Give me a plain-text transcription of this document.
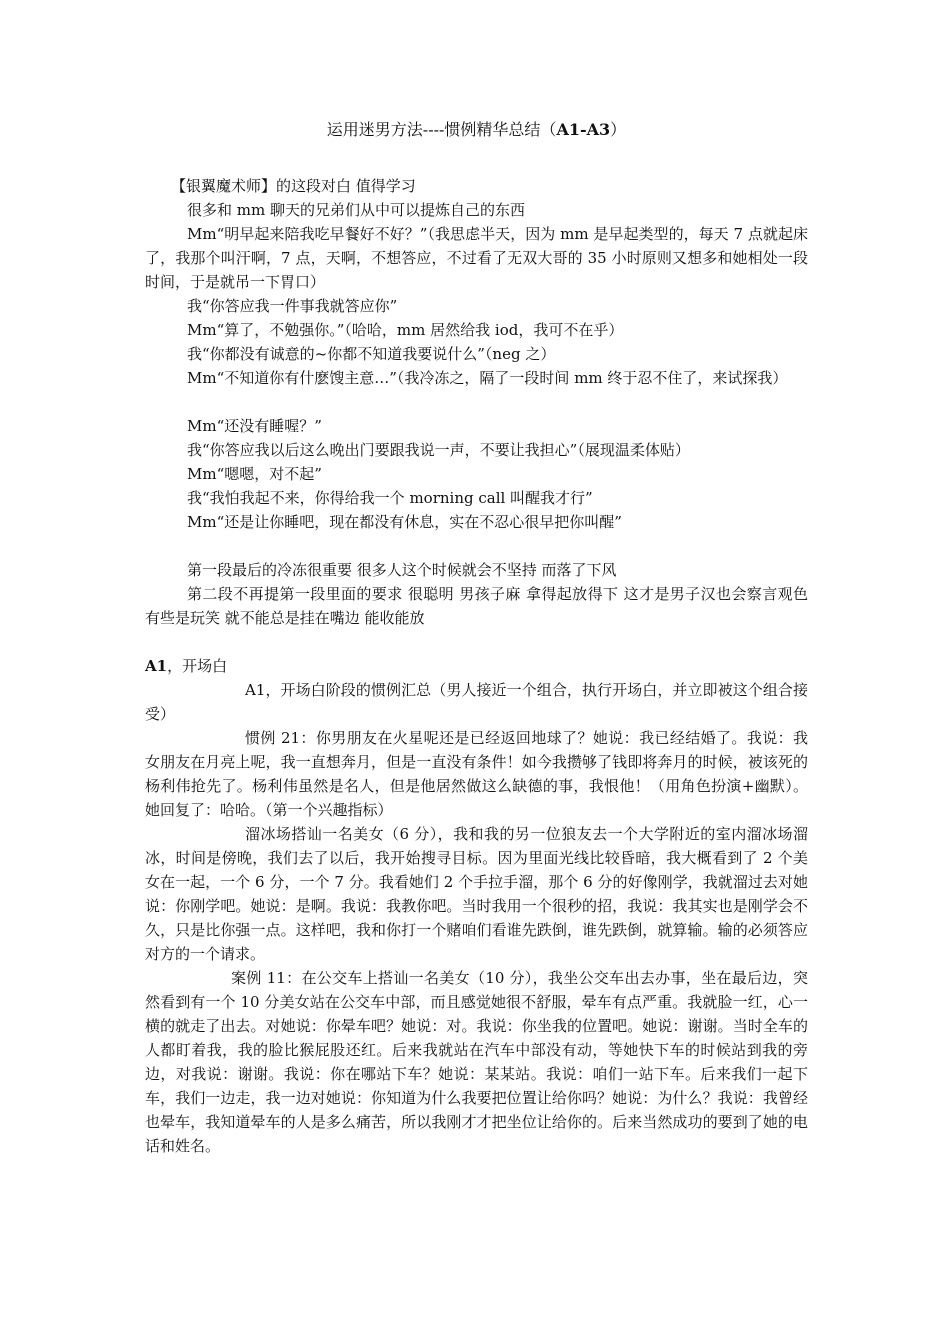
运用迷男方法----惯例精华总结（A1-A3）

【银翼魔术师】的这段对白 值得学习

很多和 mm 聊天的兄弟们从中可以提炼自己的东西

Mm“明早起来陪我吃早餐好不好？”（我思虑半天，因为 mm 是早起类型的，每天 7 点就起床了，我那个叫汗啊，7 点，天啊，不想答应，不过看了无双大哥的 35 小时原则又想多和她相处一段时间，于是就吊一下胃口）

我“你答应我一件事我就答应你”

Mm“算了，不勉强你。”（哈哈，mm 居然给我 iod，我可不在乎）

我“你都没有诚意的~你都不知道我要说什么”（neg 之）

Mm“不知道你有什麽馊主意…”（我冷冻之，隔了一段时间 mm 终于忍不住了，来试探我）

Mm“还没有睡喔？”

我“你答应我以后这么晚出门要跟我说一声，不要让我担心”（展现温柔体贴）

Mm“嗯嗯，对不起”

我“我怕我起不来，你得给我一个 morning call 叫醒我才行”

Mm“还是让你睡吧，现在都没有休息，实在不忍心很早把你叫醒”

第一段最后的冷冻很重要 很多人这个时候就会不坚持 而落了下风

第二段不再提第一段里面的要求 很聪明 男孩子麻 拿得起放得下 这才是男子汉也会察言观色 有些是玩笑 就不能总是挂在嘴边 能收能放

A1，开场白

A1，开场白阶段的惯例汇总（男人接近一个组合，执行开场白，并立即被这个组合接受）

惯例 21：你男朋友在火星呢还是已经返回地球了？她说：我已经结婚了。我说：我女朋友在月亮上呢，我一直想奔月，但是一直没有条件！如今我攒够了钱即将奔月的时候，被该死的杨利伟抢先了。杨利伟虽然是名人，但是他居然做这么缺德的事，我恨他！（用角色扮演+幽默）。她回复了：哈哈。（第一个兴趣指标）

溜冰场搭讪一名美女（6 分），我和我的另一位狼友去一个大学附近的室内溜冰场溜冰，时间是傍晚，我们去了以后，我开始搜寻目标。因为里面光线比较昏暗，我大概看到了 2 个美女在一起，一个 6 分，一个 7 分。我看她们 2 个手拉手溜，那个 6 分的好像刚学，我就溜过去对她说：你刚学吧。她说：是啊。我说：我教你吧。当时我用一个很秒的招，我说：我其实也是刚学会不久，只是比你强一点。这样吧，我和你打一个赌咱们看谁先跌倒，谁先跌倒，就算输。输的必须答应对方的一个请求。

案例 11：在公交车上搭讪一名美女（10 分），我坐公交车出去办事，坐在最后边，突然看到有一个 10 分美女站在公交车中部，而且感觉她很不舒服，晕车有点严重。我就脸一红，心一横的就走了出去。对她说：你晕车吧？她说：对。我说：你坐我的位置吧。她说：谢谢。当时全车的人都盯着我，我的脸比猴屁股还红。后来我就站在汽车中部没有动，等她快下车的时候站到我的旁边，对我说：谢谢。我说：你在哪站下车？她说：某某站。我说：咱们一站下车。后来我们一起下车，我们一边走，我一边对她说：你知道为什么我要把位置让给你吗？她说：为什么？我说：我曾经也晕车，我知道晕车的人是多么痛苦，所以我刚才才把坐位让给你的。后来当然成功的要到了她的电话和姓名。
